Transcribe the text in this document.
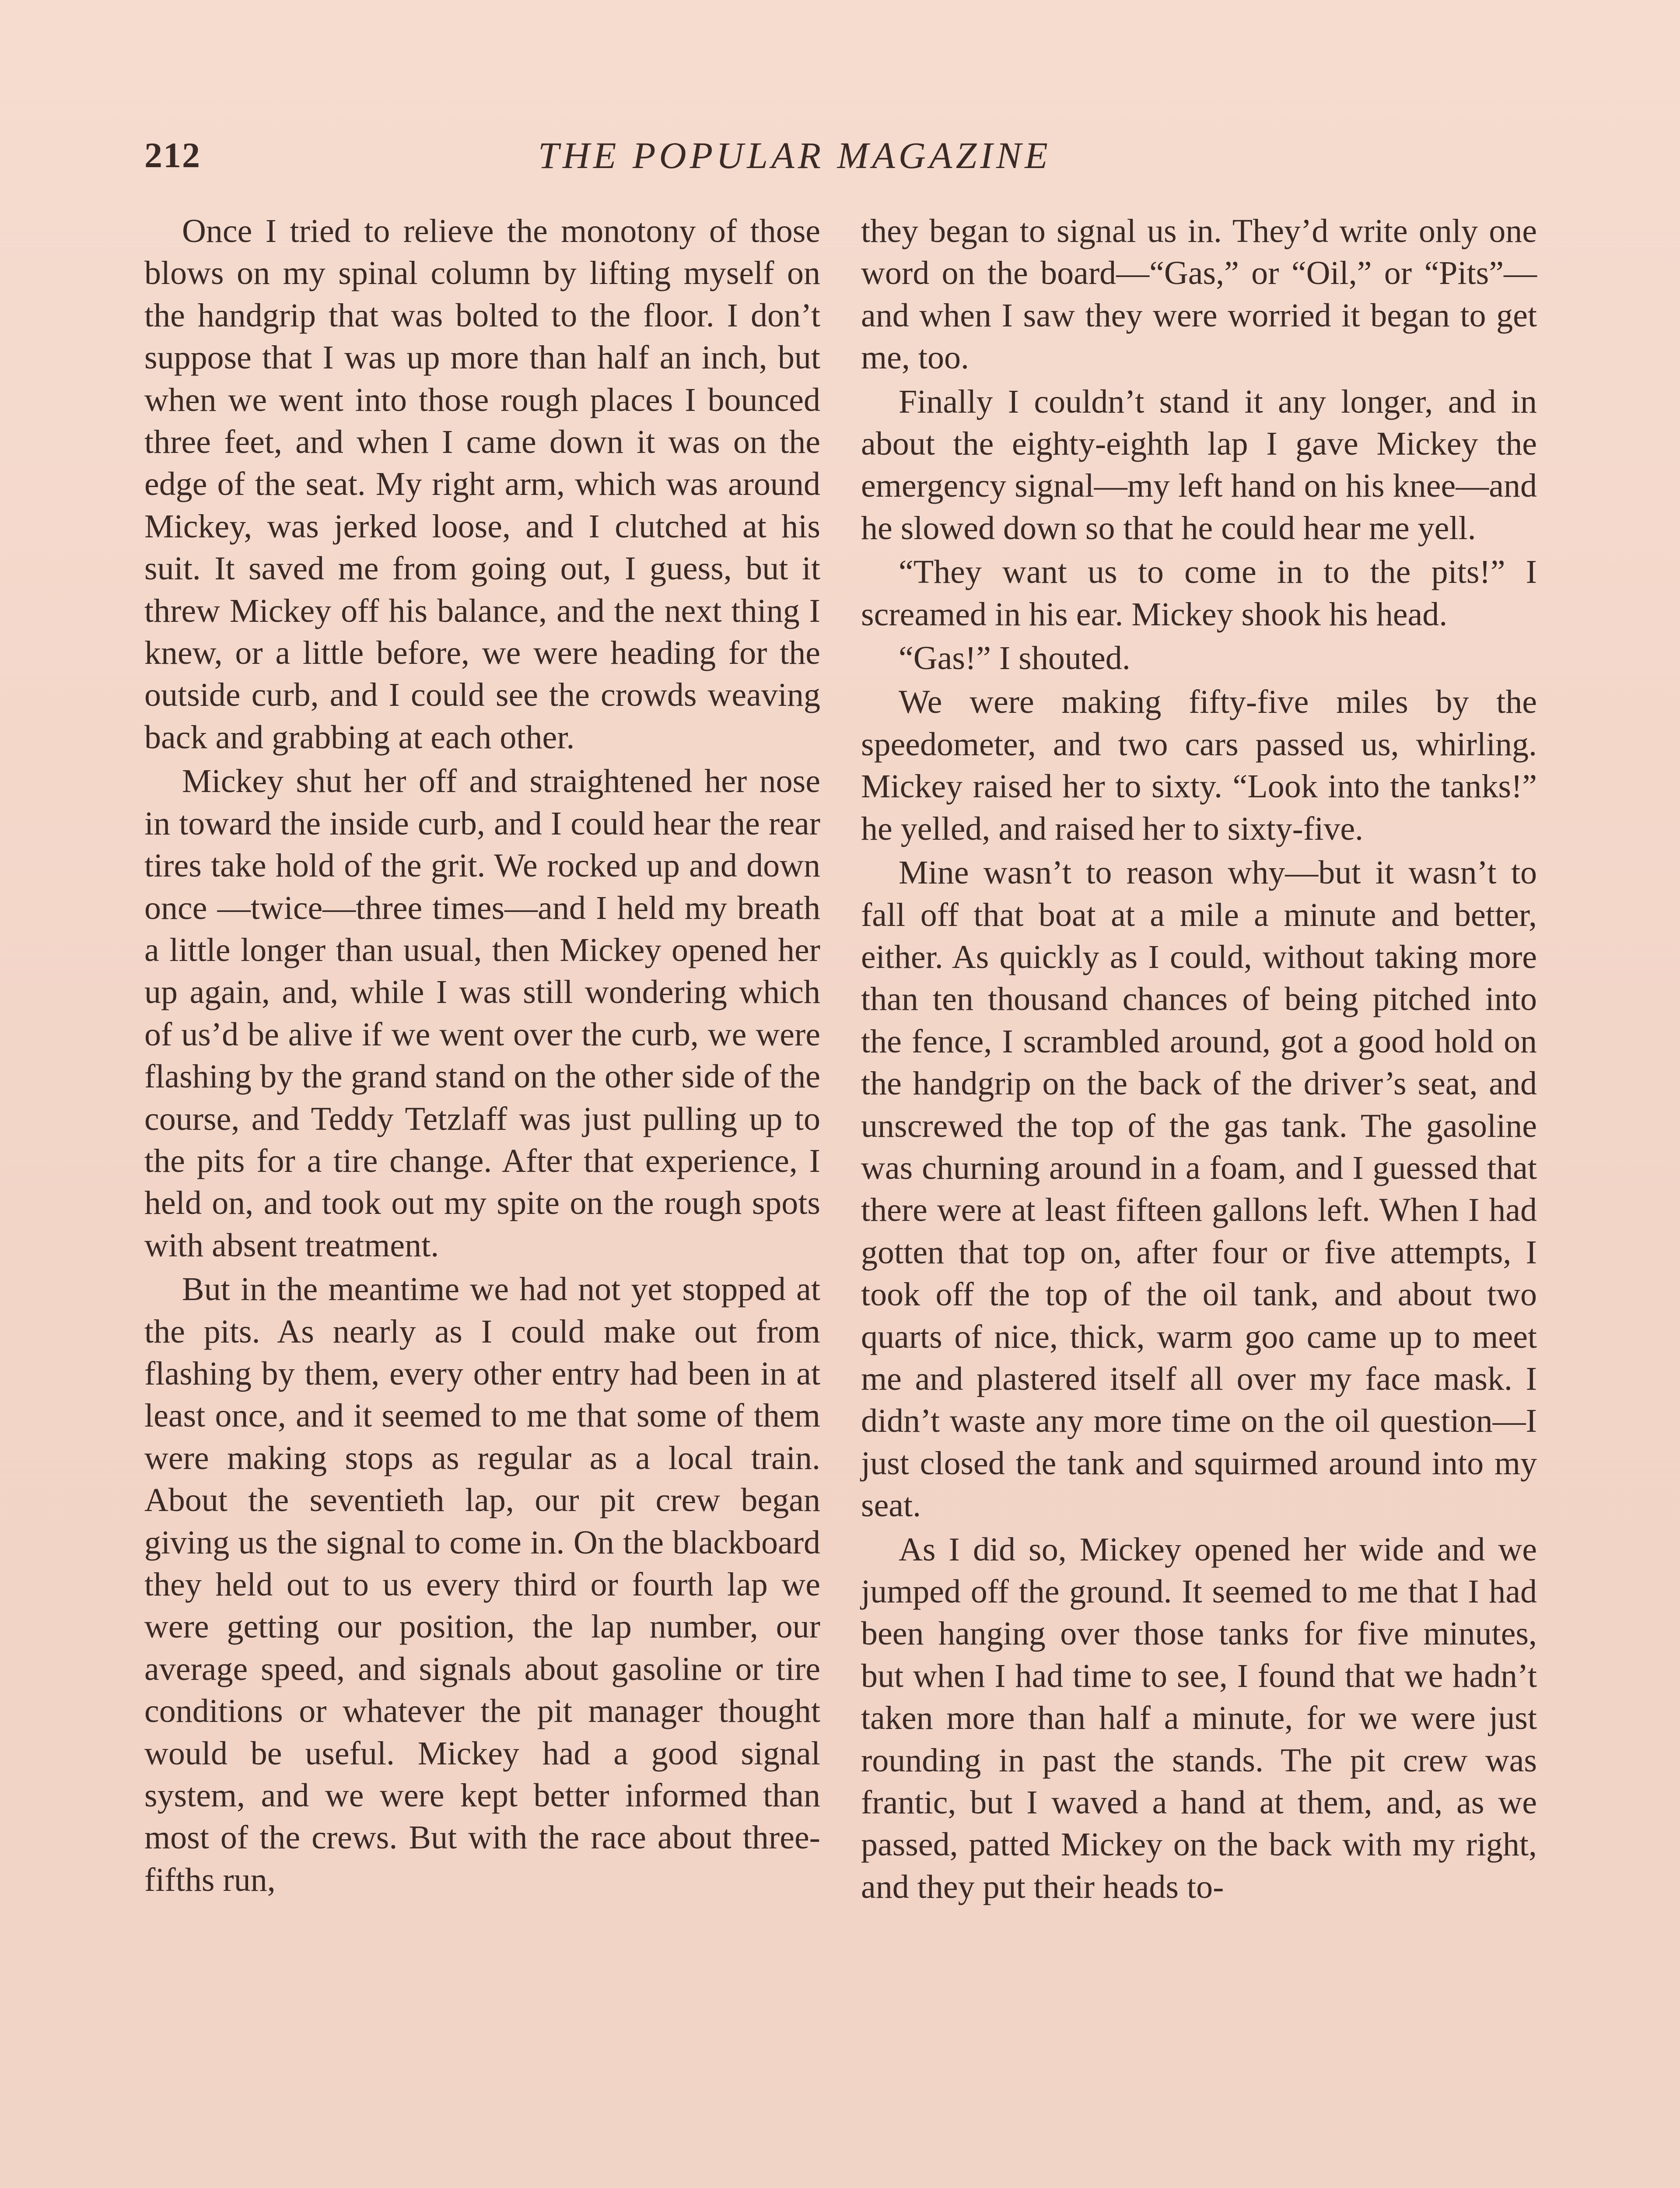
212	THE POPULAR MAGAZINE

Once I tried to relieve the monotony of those blows on my spinal column by lifting myself on the handgrip that was bolted to the floor. I don’t suppose that I was up more than half an inch, but when we went into those rough places I bounced three feet, and when I came down it was on the edge of the seat. My right arm, which was around Mickey, was jerked loose, and I clutched at his suit. It saved me from going out, I guess, but it threw Mickey off his balance, and the next thing I knew, or a little before, we were heading for the outside curb, and I could see the crowds weaving back and grabbing at each other.

Mickey shut her off and straightened her nose in toward the inside curb, and I could hear the rear tires take hold of the grit. We rocked up and down once —twice—three times—and I held my breath a little longer than usual, then Mickey opened her up again, and, while I was still wondering which of us’d be alive if we went over the curb, we were flashing by the grand stand on the other side of the course, and Teddy Tetzlaff was just pulling up to the pits for a tire change. After that experience, I held on, and took out my spite on the rough spots with absent treatment.

But in the meantime we had not yet stopped at the pits. As nearly as I could make out from flashing by them, every other entry had been in at least once, and it seemed to me that some of them were making stops as regular as a local train. About the seventieth lap, our pit crew began giving us the signal to come in. On the blackboard they held out to us every third or fourth lap we were getting our position, the lap number, our average speed, and signals about gasoline or tire conditions or whatever the pit manager thought would be useful. Mickey had a good signal system, and we were kept better informed than most of the crews. But with the race about three-fifths run,

they began to signal us in. They’d write only one word on the board—“Gas,” or “Oil,” or “Pits”—and when I saw they were worried it began to get me, too.

Finally I couldn’t stand it any longer, and in about the eighty-eighth lap I gave Mickey the emergency signal—my left hand on his knee—and he slowed down so that he could hear me yell.

“They want us to come in to the pits!” I screamed in his ear. Mickey shook his head.

“Gas!” I shouted.

We were making fifty-five miles by the speedometer, and two cars passed us, whirling. Mickey raised her to sixty. “Look into the tanks!” he yelled, and raised her to sixty-five.

Mine wasn’t to reason why—but it wasn’t to fall off that boat at a mile a minute and better, either. As quickly as I could, without taking more than ten thousand chances of being pitched into the fence, I scrambled around, got a good hold on the handgrip on the back of the driver’s seat, and unscrewed the top of the gas tank. The gasoline was churning around in a foam, and I guessed that there were at least fifteen gallons left. When I had gotten that top on, after four or five attempts, I took off the top of the oil tank, and about two quarts of nice, thick, warm goo came up to meet me and plastered itself all over my face mask. I didn’t waste any more time on the oil question—I just closed the tank and squirmed around into my seat.

As I did so, Mickey opened her wide and we jumped off the ground. It seemed to me that I had been hanging over those tanks for five minutes, but when I had time to see, I found that we hadn’t taken more than half a minute, for we were just rounding in past the stands. The pit crew was frantic, but I waved a hand at them, and, as we passed, patted Mickey on the back with my right, and they put their heads to-
